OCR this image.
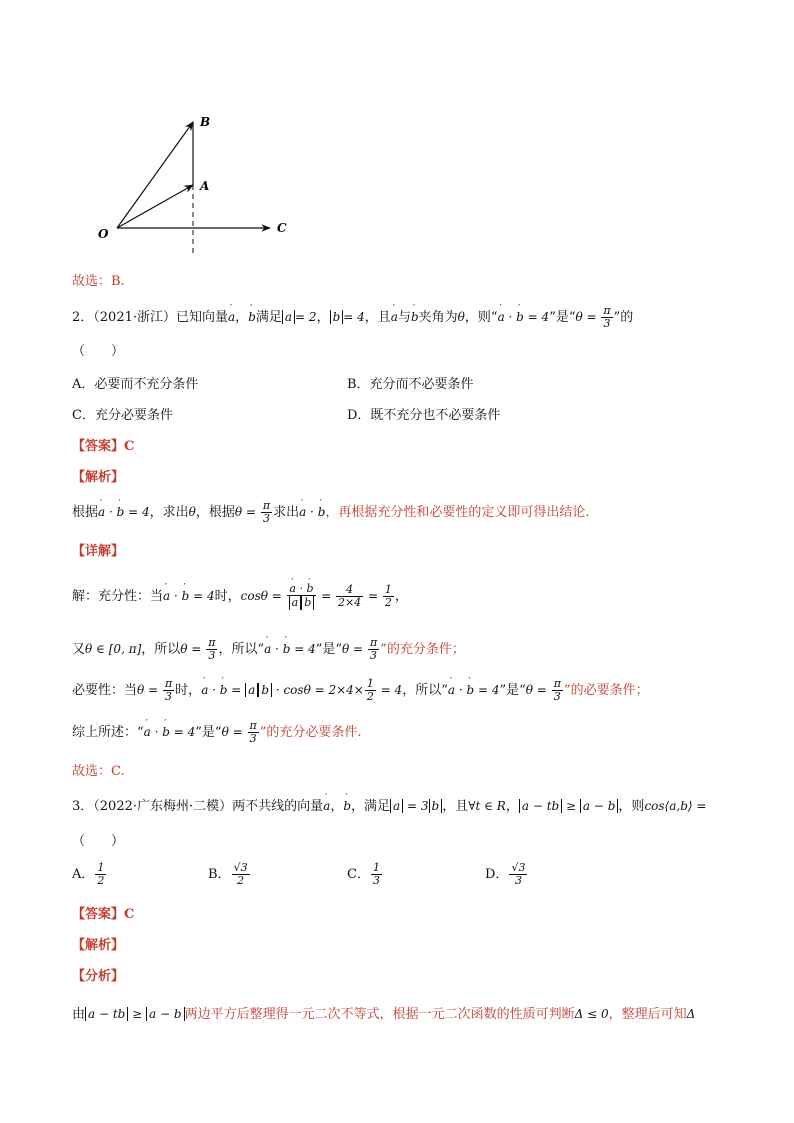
B
A
O	C
故选：B.
2．（2021·浙江）已知向量′ a，′ b满足 a = 2， b = 4，且′ a与′ b夹角为θ，则“′ a · ′ b = 4”是“$\theta = \frac{\pi}{3}$ ”的
（　　）
A．必要而不充分条件	B．充分而不必要条件
C．充分必要条件	D．既不充分也不必要条件
【答案】C
【解析】
根据′ a · ′ b = 4，求出θ，根据$\theta = \frac{\pi}{3}$ 求出′ a · ′ b，再根据充分性和必要性的定义即可得出结论.
【详解】
解：充分性：当′ a · ′ b = 4时，cosθ =
′ $\frac{a \cdot ' b}{\text{a b}} = \frac{4}{2\times 4} = \frac{1}{2}$ ，
又θ ∈ [0, π]，所以$\theta = \frac{\pi}{3}$ ，所以“′ a · ′ b = 4”是“$\theta = \frac{\pi}{3}$ ”的充分条件；
必要性：当$\theta = \frac{\pi}{3}$ 时，′ a · ′ b = a $b \cdot \cos\theta = 2\times 4\times \frac{1}{2} = 4$，所以“′ a · ′ b = 4”是“$\theta = \frac{\pi}{3}$ ”的必要条件；
综上所述：“′ a · ′ b = 4”是“$\theta = \frac{\pi}{3}$ ”的充分必要条件.
故选：C.
3．（2022·广东梅州·二模）两不共线的向量′ a，′ b，满足 a = 3 b ，且∀t ∈ R， a − tb ≥ a − b ，则cos⟨a,b⟩ =
（　　）
A． $\frac{1}{2}$	B． $\frac{√3}{2}$	C． $\frac{1}{3}$	D． $\frac{√3}{3}$
【答案】C
【解析】
【分析】
由 a − tb ≥ a − b 两边平方后整理得一元二次不等式，根据一元二次函数的性质可判断Δ ≤ 0，整理后可知Δ
